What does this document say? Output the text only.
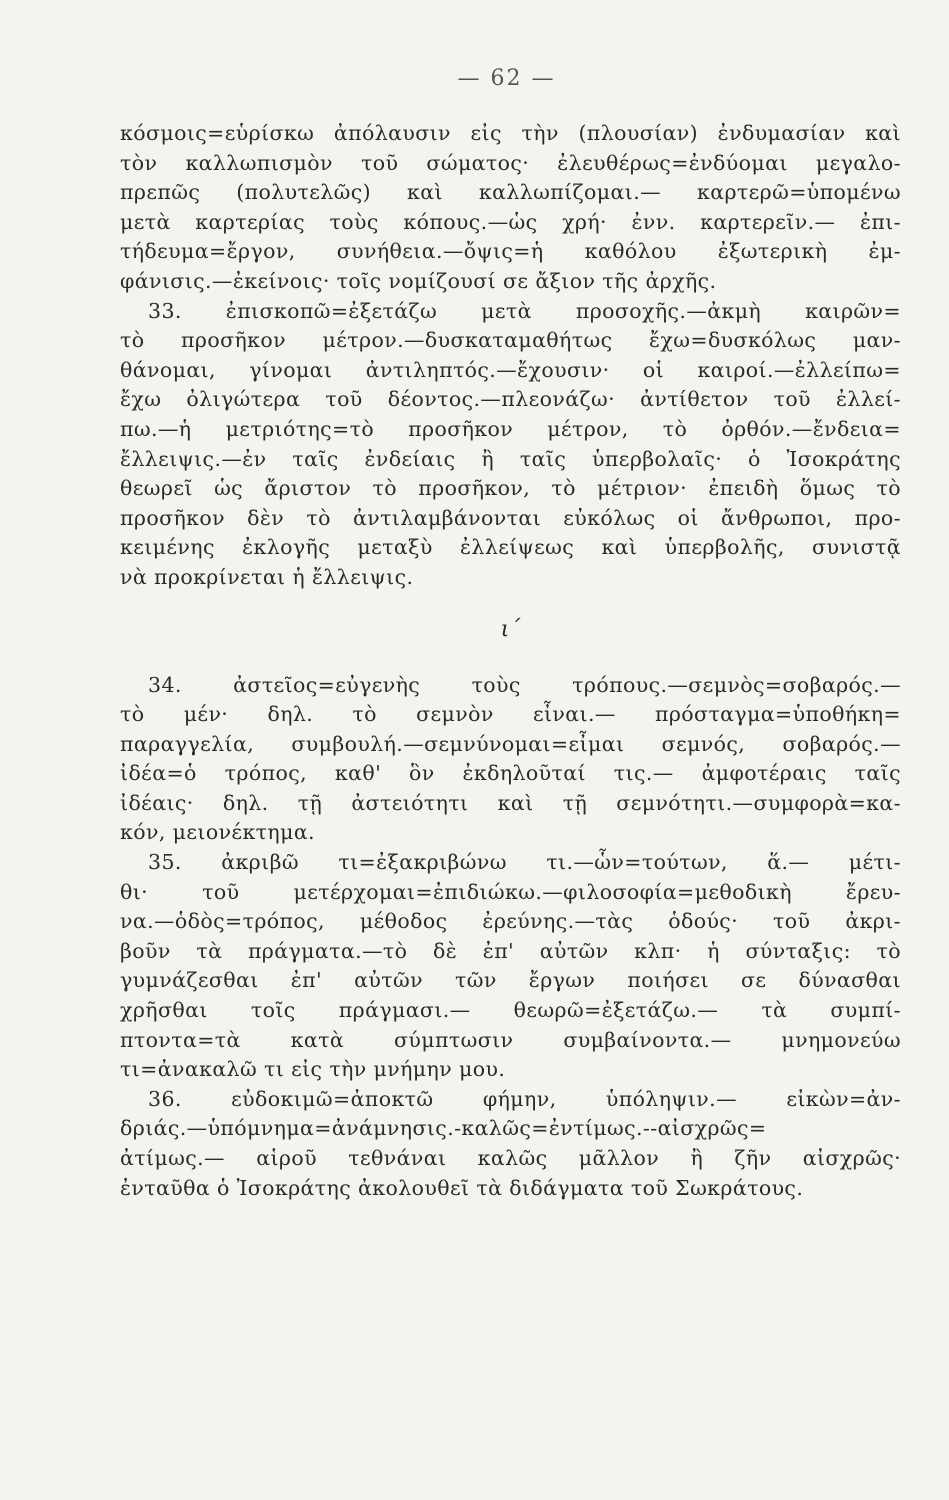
— 62 —
κόσμοις=εὑρίσκω ἀπόλαυσιν εἰς τὴν (πλουσίαν) ἐνδυμασίαν καὶ
τὸν καλλωπισμὸν τοῦ σώματος· ἐλευθέρως=ἐνδύομαι μεγαλο-
πρεπῶς (πολυτελῶς) καὶ καλλωπίζομαι.— καρτερῶ=ὑπομένω
μετὰ καρτερίας τοὺς κόπους.—ὡς χρή· ἐνν. καρτερεῖν.— ἐπι-
τήδευμα=ἔργον, συνήθεια.—ὄψις=ἡ καθόλου ἐξωτερικὴ ἐμ-
φάνισις.—ἐκείνοις· τοῖς νομίζουσί σε ἄξιον τῆς ἀρχῆς.
33. ἐπισκοπῶ=ἐξετάζω μετὰ προσοχῆς.—ἀκμὴ καιρῶν=
τὸ προσῆκον μέτρον.—δυσκαταμαθήτως ἔχω=δυσκόλως μαν-
θάνομαι, γίνομαι ἀντιληπτός.—ἔχουσιν· οἱ καιροί.—ἐλλείπω=
ἔχω ὀλιγώτερα τοῦ δέοντος.—πλεονάζω· ἀντίθετον τοῦ ἐλλεί-
πω.—ἡ μετριότης=τὸ προσῆκον μέτρον, τὸ ὀρθόν.—ἔνδεια=
ἔλλειψις.—ἐν ταῖς ἐνδείαις ἢ ταῖς ὑπερβολαῖς· ὁ Ἰσοκράτης
θεωρεῖ ὡς ἄριστον τὸ προσῆκον, τὸ μέτριον· ἐπειδὴ ὅμως τὸ
προσῆκον δὲν τὸ ἀντιλαμβάνονται εὐκόλως οἱ ἄνθρωποι, προ-
κειμένης ἐκλογῆς μεταξὺ ἐλλείψεως καὶ ὑπερβολῆς, συνιστᾷ
νὰ προκρίνεται ἡ ἔλλειψις.
ι΄
34. ἀστεῖος=εὐγενὴς τοὺς τρόπους.—σεμνὸς=σοβαρός.—
τὸ μέν· δηλ. τὸ σεμνὸν εἶναι.— πρόσταγμα=ὑποθήκη=
παραγγελία, συμβουλή.—σεμνύνομαι=εἶμαι σεμνός, σοβαρός.—
ἰδέα=ὁ τρόπος, καθ' ὃν ἐκδηλοῦταί τις.— ἀμφοτέραις ταῖς
ἰδέαις· δηλ. τῇ ἀστειότητι καὶ τῇ σεμνότητι.—συμφορὰ=κα-
κόν, μειονέκτημα.
35. ἀκριβῶ τι=ἐξακριβώνω τι.—ὧν=τούτων, ἅ.— μέτι-
θι· τοῦ μετέρχομαι=ἐπιδιώκω.—φιλοσοφία=μεθοδικὴ ἔρευ-
να.—ὁδὸς=τρόπος, μέθοδος ἐρεύνης.—τὰς ὁδούς· τοῦ ἀκρι-
βοῦν τὰ πράγματα.—τὸ δὲ ἐπ' αὐτῶν κλπ· ἡ σύνταξις: τὸ
γυμνάζεσθαι ἐπ' αὐτῶν τῶν ἔργων ποιήσει σε δύνασθαι
χρῆσθαι τοῖς πράγμασι.— θεωρῶ=ἐξετάζω.— τὰ συμπί-
πτοντα=τὰ κατὰ σύμπτωσιν συμβαίνοντα.— μνημονεύω
τι=ἀνακαλῶ τι εἰς τὴν μνήμην μου.
36. εὐδοκιμῶ=ἀποκτῶ φήμην, ὑπόληψιν.— εἰκὼν=ἀν-
δριάς.—ὑπόμνημα=ἀνάμνησις.-καλῶς=ἐντίμως.--αἰσχρῶς=
ἀτίμως.— αἱροῦ τεθνάναι καλῶς μᾶλλον ἢ ζῆν αἰσχρῶς·
ἐνταῦθα ὁ Ἰσοκράτης ἀκολουθεῖ τὰ διδάγματα τοῦ Σωκράτους.
